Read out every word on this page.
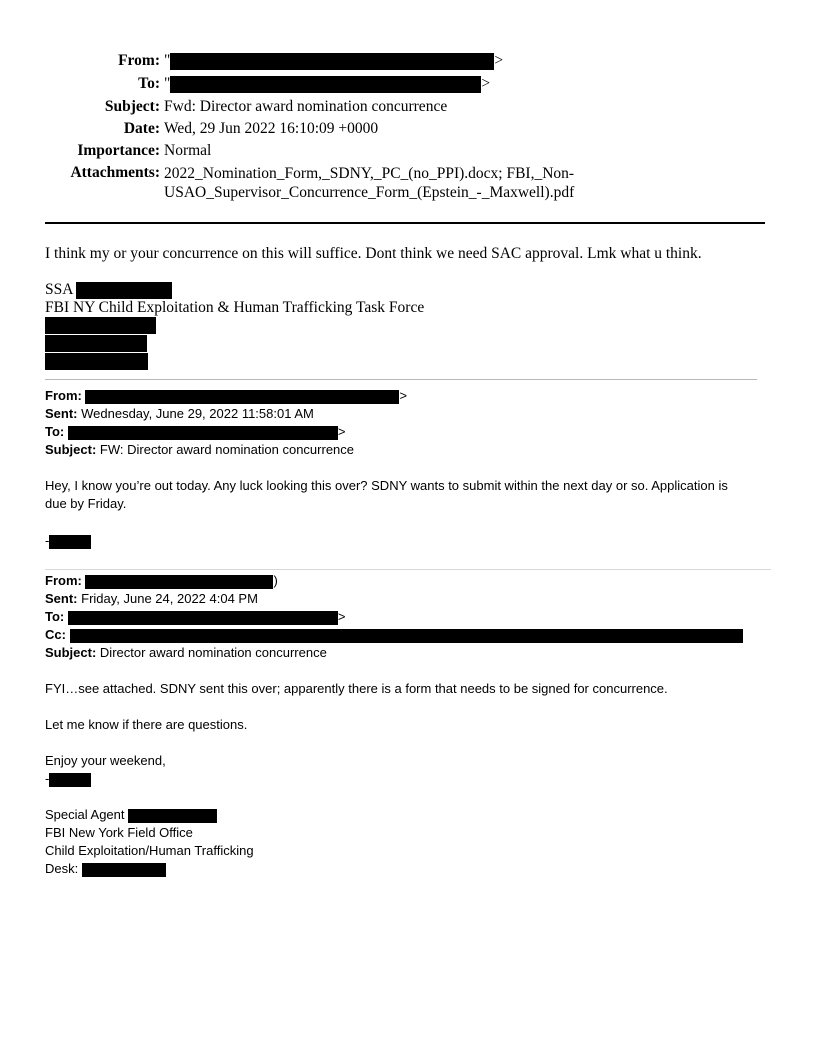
From: "	>
To: "	>
Subject: Fwd: Director award nomination concurrence
Date: Wed, 29 Jun 2022 16:10:09 +0000
Importance: Normal
Attachments: 2022_Nomination_Form,_SDNY,_PC_(no_PPI).docx; FBI,_Non-
USAO_Supervisor_Concurrence_Form_(Epstein_-_Maxwell).pdf
I think my or your concurrence on this will suffice. Dont think we need SAC approval. Lmk what u think.
SSA
FBI NY Child Exploitation & Human Trafficking Task Force
From:	>
Sent: Wednesday, June 29, 2022 11:58:01 AM
To:	>
Subject: FW: Director award nomination concurrence
Hey, I know you’re out today. Any luck looking this over? SDNY wants to submit within the next day or so. Application is
due by Friday.
-
From:	)
Sent: Friday, June 24, 2022 4:04 PM
To:	>
Cc:
Subject: Director award nomination concurrence
FYI…see attached. SDNY sent this over; apparently there is a form that needs to be signed for concurrence.
Let me know if there are questions.
Enjoy your weekend,
-
Special Agent
FBI New York Field Office
Child Exploitation/Human Trafficking
Desk:
